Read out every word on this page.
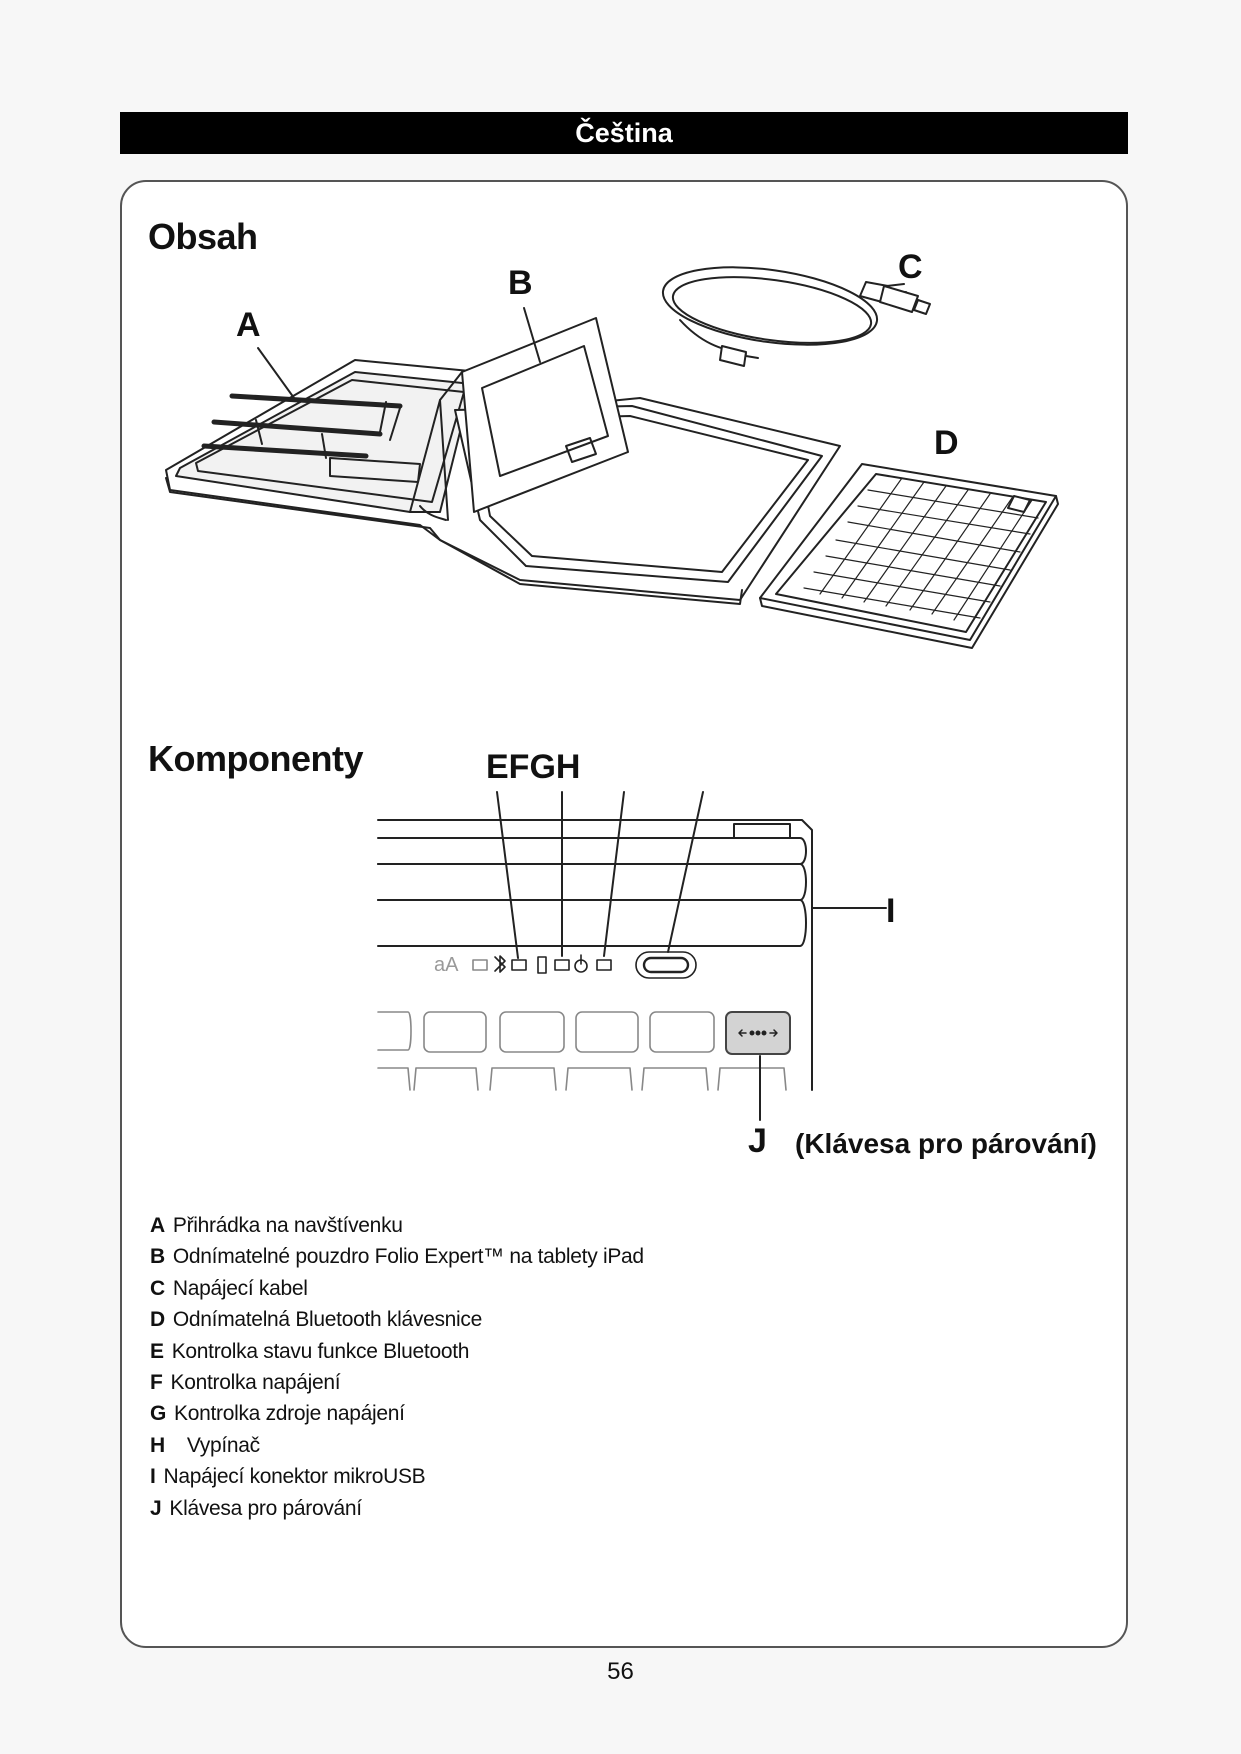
Čeština
Obsah
Komponenty
A
B	C
D
EFGH
I
J
aA
(Klávesa pro párování)
A Přihrádka na navštívenku
B Odnímatelné pouzdro Folio Expert™ na tablety iPad
C Napájecí kabel
D Odnímatelná Bluetooth klávesnice
E Kontrolka stavu funkce Bluetooth
F Kontrolka napájení
G Kontrolka zdroje napájení
H Vypínač
I Napájecí konektor mikroUSB
J Klávesa pro párování
56
